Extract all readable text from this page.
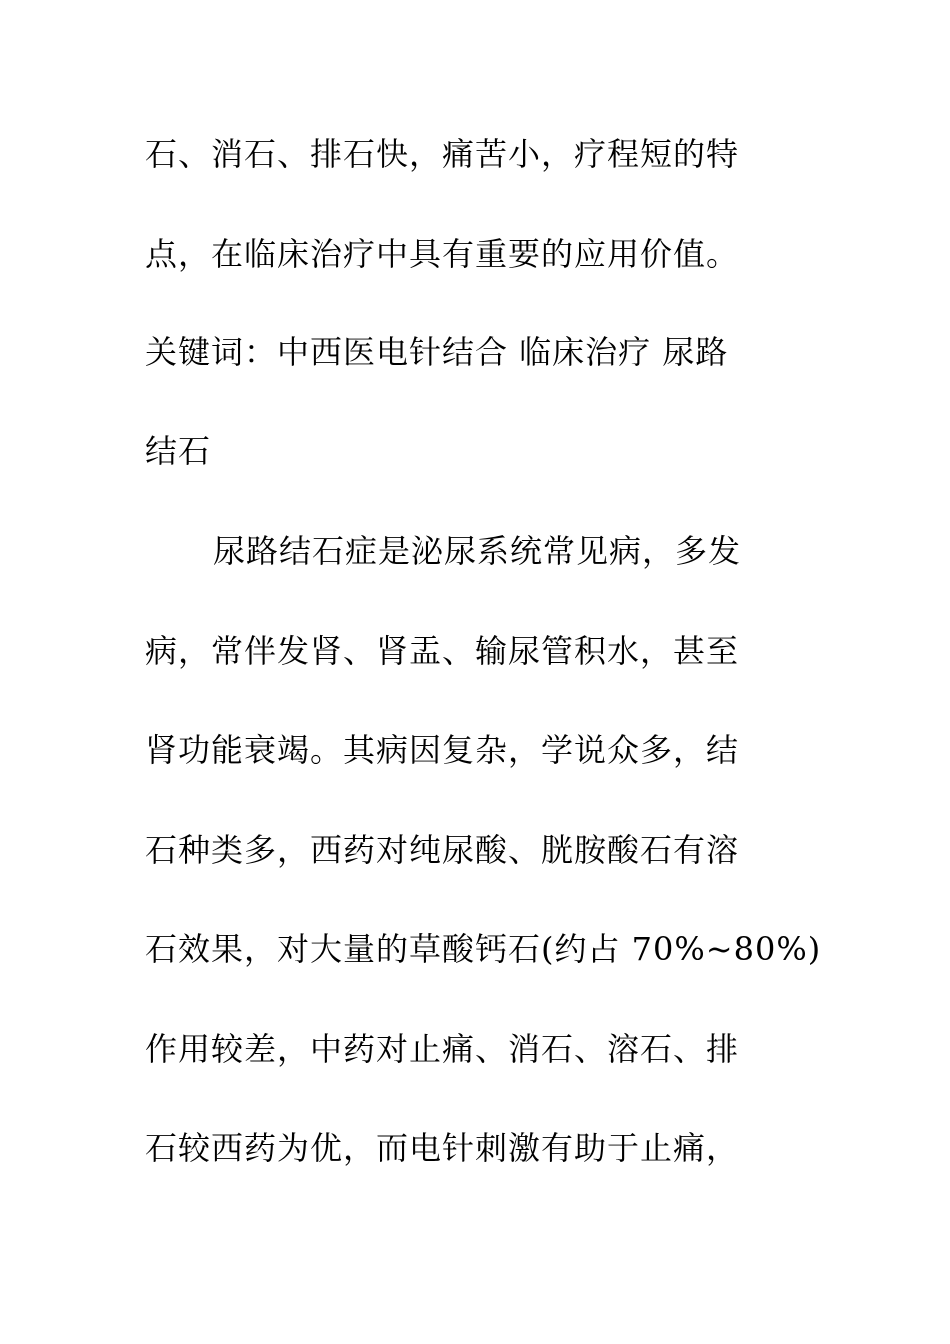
石、消石、排石快，痛苦小，疗程短的特
点，在临床治疗中具有重要的应用价值。
关键词：中西医电针结合 临床治疗 尿路
结石
尿路结石症是泌尿系统常见病，多发
病，常伴发肾、肾盂、输尿管积水，甚至
肾功能衰竭。其病因复杂，学说众多，结
石种类多，西药对纯尿酸、胱胺酸石有溶
石效果，对大量的草酸钙石(约占 70%~80%)
作用较差，中药对止痛、消石、溶石、排
石较西药为优，而电针刺激有助于止痛，
